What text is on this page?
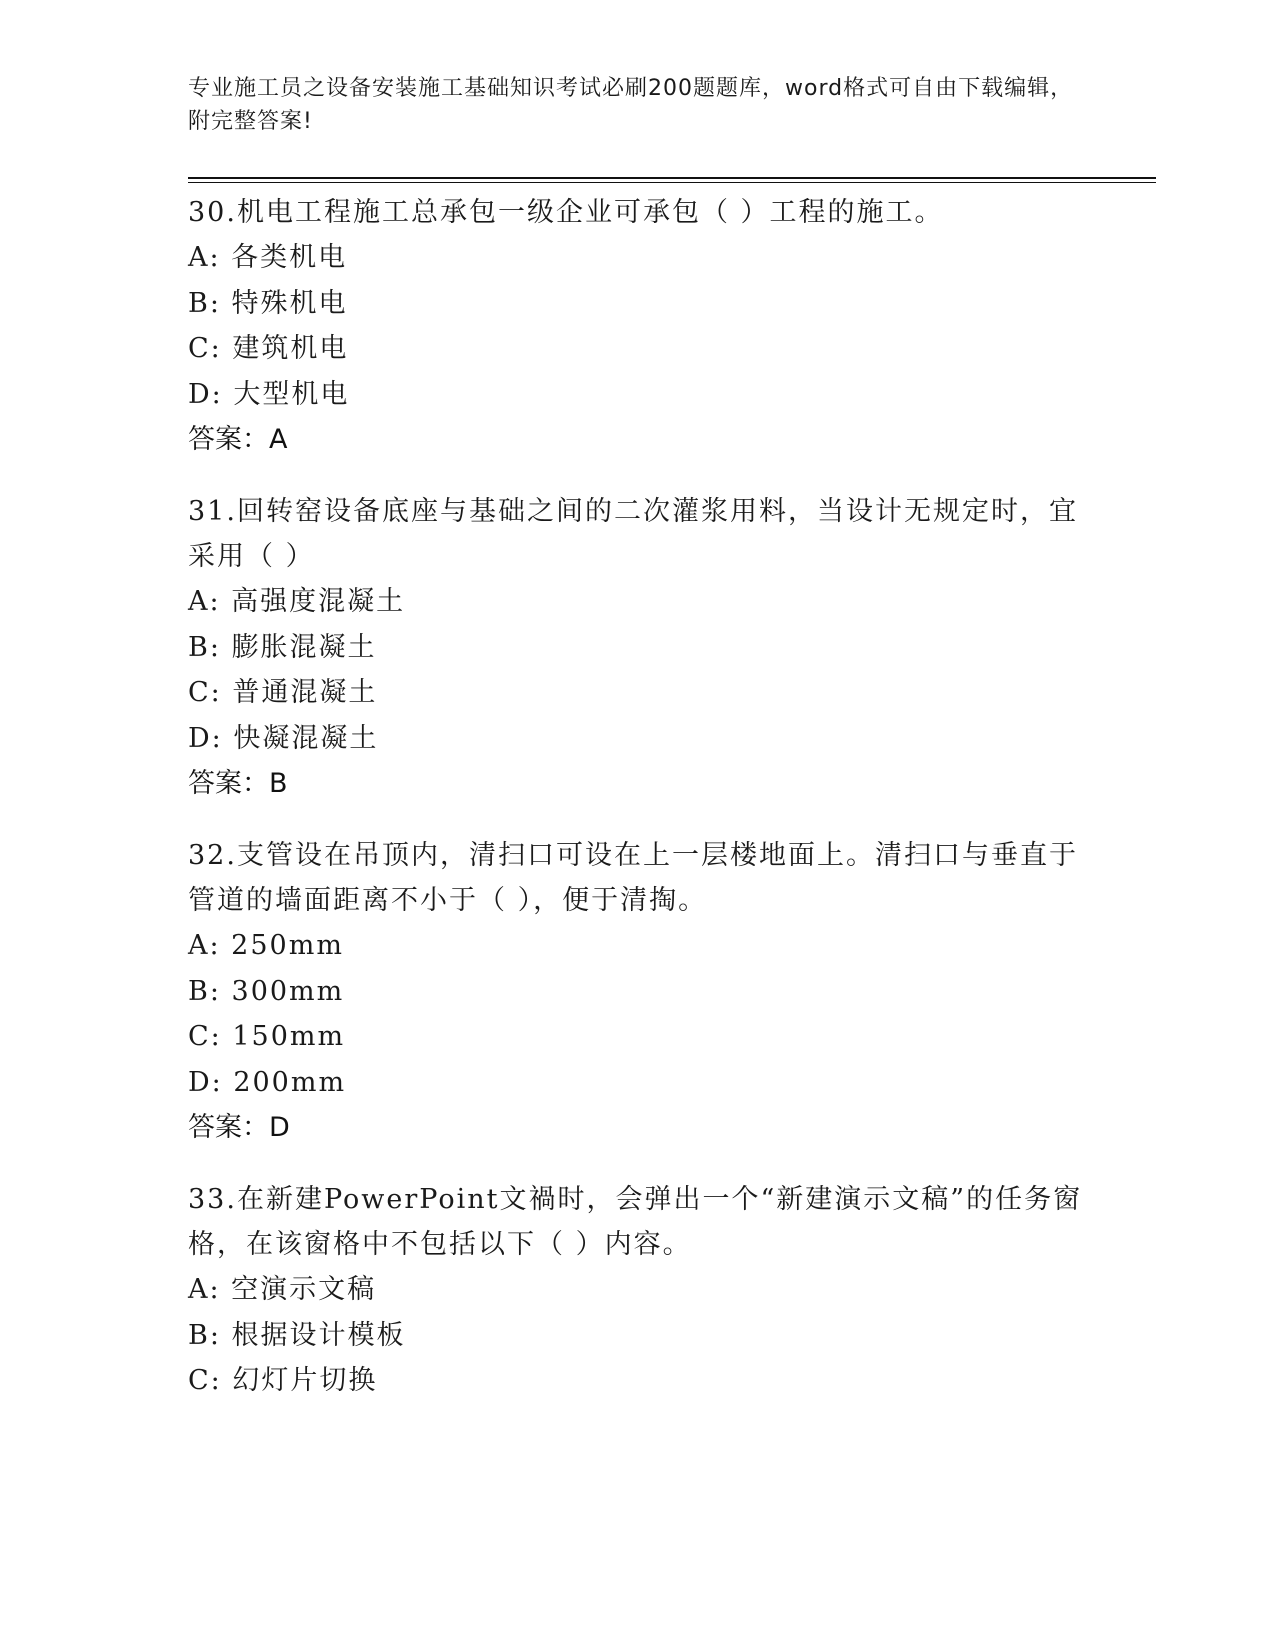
专业施工员之设备安装施工基础知识考试必刷200题题库，word格式可自由下载编辑，附完整答案!
30.机电工程施工总承包一级企业可承包（ ）工程的施工。
A: 各类机电
B: 特殊机电
C: 建筑机电
D: 大型机电
答案：A
31.回转窑设备底座与基础之间的二次灌浆用料，当设计无规定时，宜采用（ ）
A: 高强度混凝土
B: 膨胀混凝土
C: 普通混凝土
D: 快凝混凝土
答案：B
32.支管设在吊顶内，清扫口可设在上一层楼地面上。清扫口与垂直于管道的墙面距离不小于（ ），便于清掏。
A: 250mm
B: 300mm
C: 150mm
D: 200mm
答案：D
33.在新建PowerPoint文禍时，会弹出一个“新建演示文稿”的任务窗格，在该窗格中不包括以下（ ）内容。
A: 空演示文稿
B: 根据设计模板
C: 幻灯片切换
